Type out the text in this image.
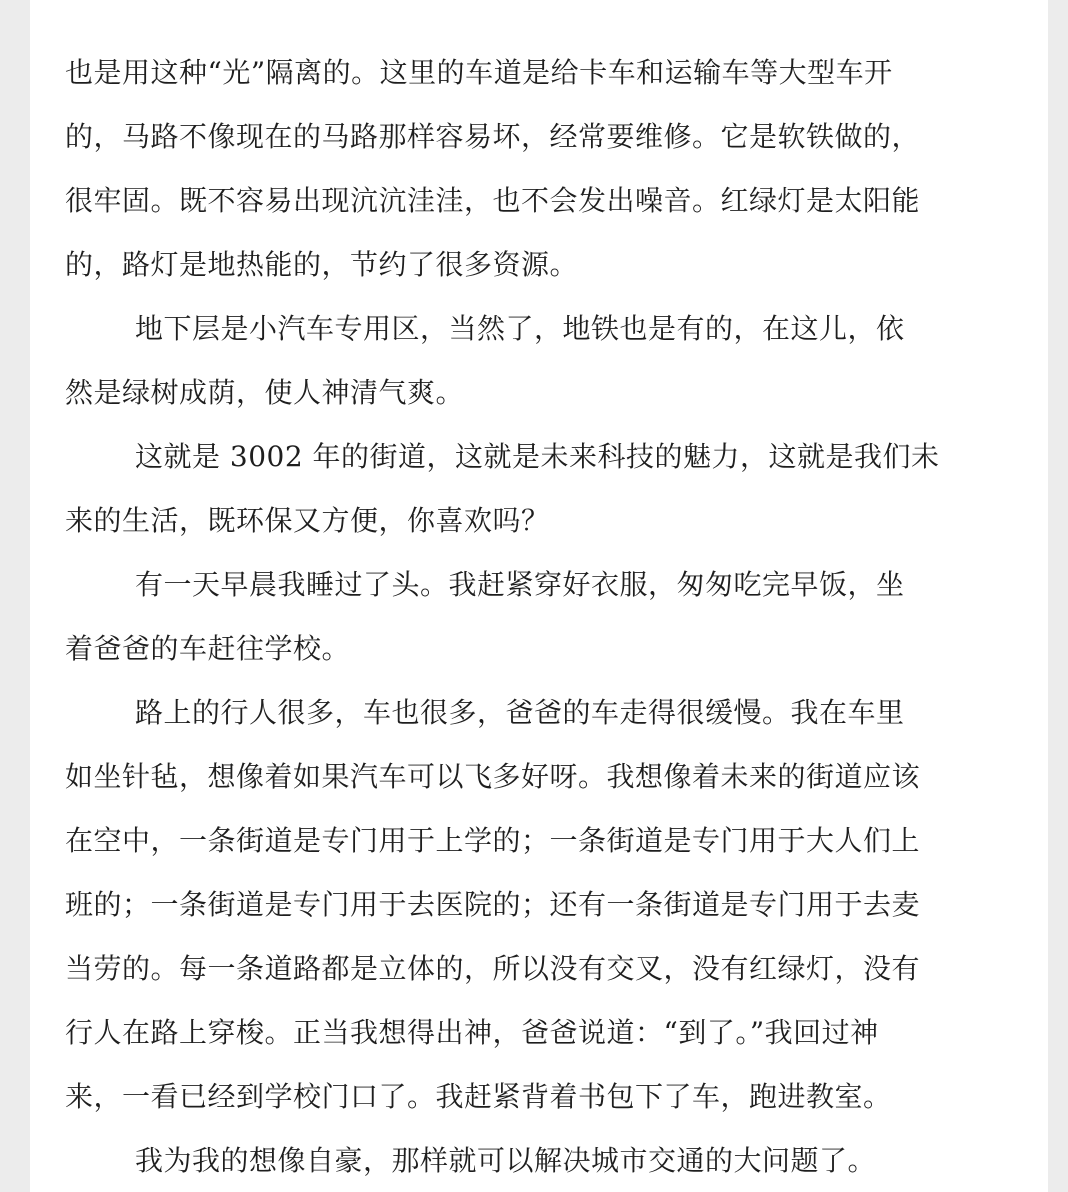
也是用这种“光”隔离的。这里的车道是给卡车和运输车等大型车开
的，马路不像现在的马路那样容易坏，经常要维修。它是软铁做的，
很牢固。既不容易出现沆沆洼洼，也不会发出噪音。红绿灯是太阳能
的，路灯是地热能的，节约了很多资源。
地下层是小汽车专用区，当然了，地铁也是有的，在这儿，依
然是绿树成荫，使人神清气爽。
这就是 3002 年的街道，这就是未来科技的魅力，这就是我们未
来的生活，既环保又方便，你喜欢吗？
有一天早晨我睡过了头。我赶紧穿好衣服，匆匆吃完早饭，坐
着爸爸的车赶往学校。
路上的行人很多，车也很多，爸爸的车走得很缓慢。我在车里
如坐针毡，想像着如果汽车可以飞多好呀。我想像着未来的街道应该
在空中，一条街道是专门用于上学的；一条街道是专门用于大人们上
班的；一条街道是专门用于去医院的；还有一条街道是专门用于去麦
当劳的。每一条道路都是立体的，所以没有交叉，没有红绿灯，没有
行人在路上穿梭。正当我想得出神，爸爸说道：“到了。”我回过神
来，一看已经到学校门口了。我赶紧背着书包下了车，跑进教室。
我为我的想像自豪，那样就可以解决城市交通的大问题了。
